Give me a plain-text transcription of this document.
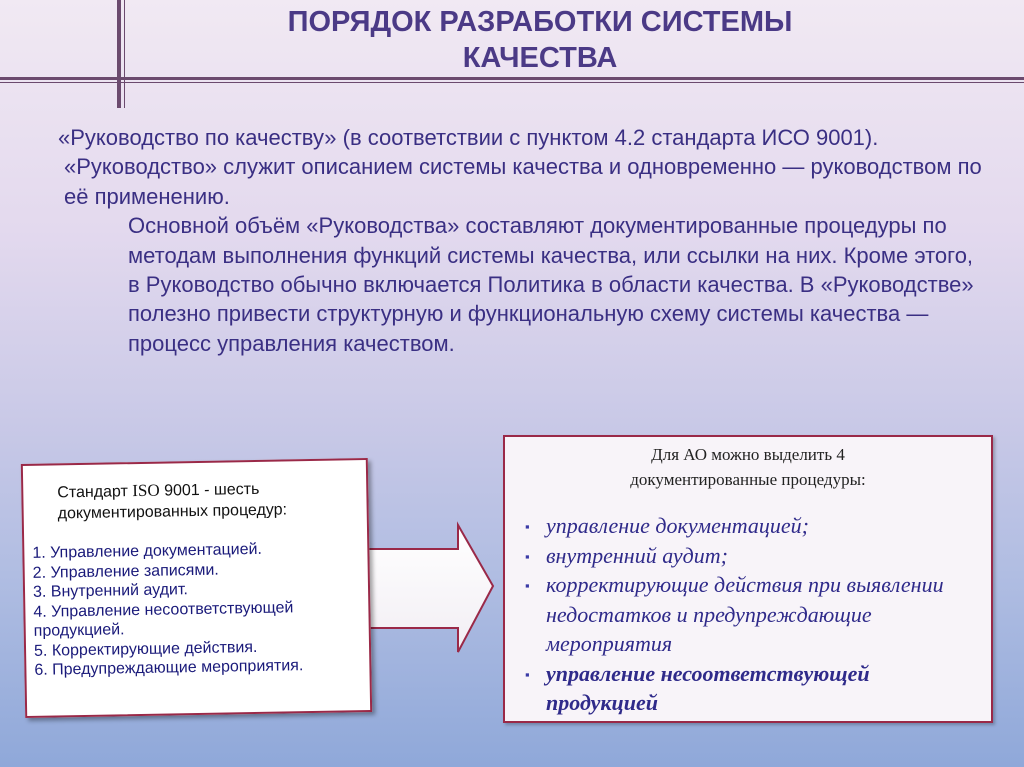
ПОРЯДОК РАЗРАБОТКИ СИСТЕМЫ
КАЧЕСТВА

«Руководство по качеству» (в соответствии с пунктом 4.2 стандарта ИСО 9001).

«Руководство» служит описанием системы качества и одновременно — руководством по её применению.

Основной объём «Руководства» составляют документированные процедуры по методам выполнения функций системы качества, или ссылки на них. Кроме этого, в Руководство обычно включается Политика в области качества. В «Руководстве» полезно привести структурную и функциональную схему системы качества — процесс управления качеством.

Стандарт ISO 9001 - шесть
документированных процедур:
1. Управление документацией.
2. Управление записями.
3. Внутренний аудит.
4. Управление несоответствующей продукцией.
5. Корректирующие действия.
6. Предупреждающие мероприятия.
Для АО можно выделить 4
документированные процедуры:
▪ управление документацией;
▪ внутренний аудит;
▪ корректирующие действия при выявлении недостатков и предупреждающие мероприятия
▪ управление несоответствующей продукцией
